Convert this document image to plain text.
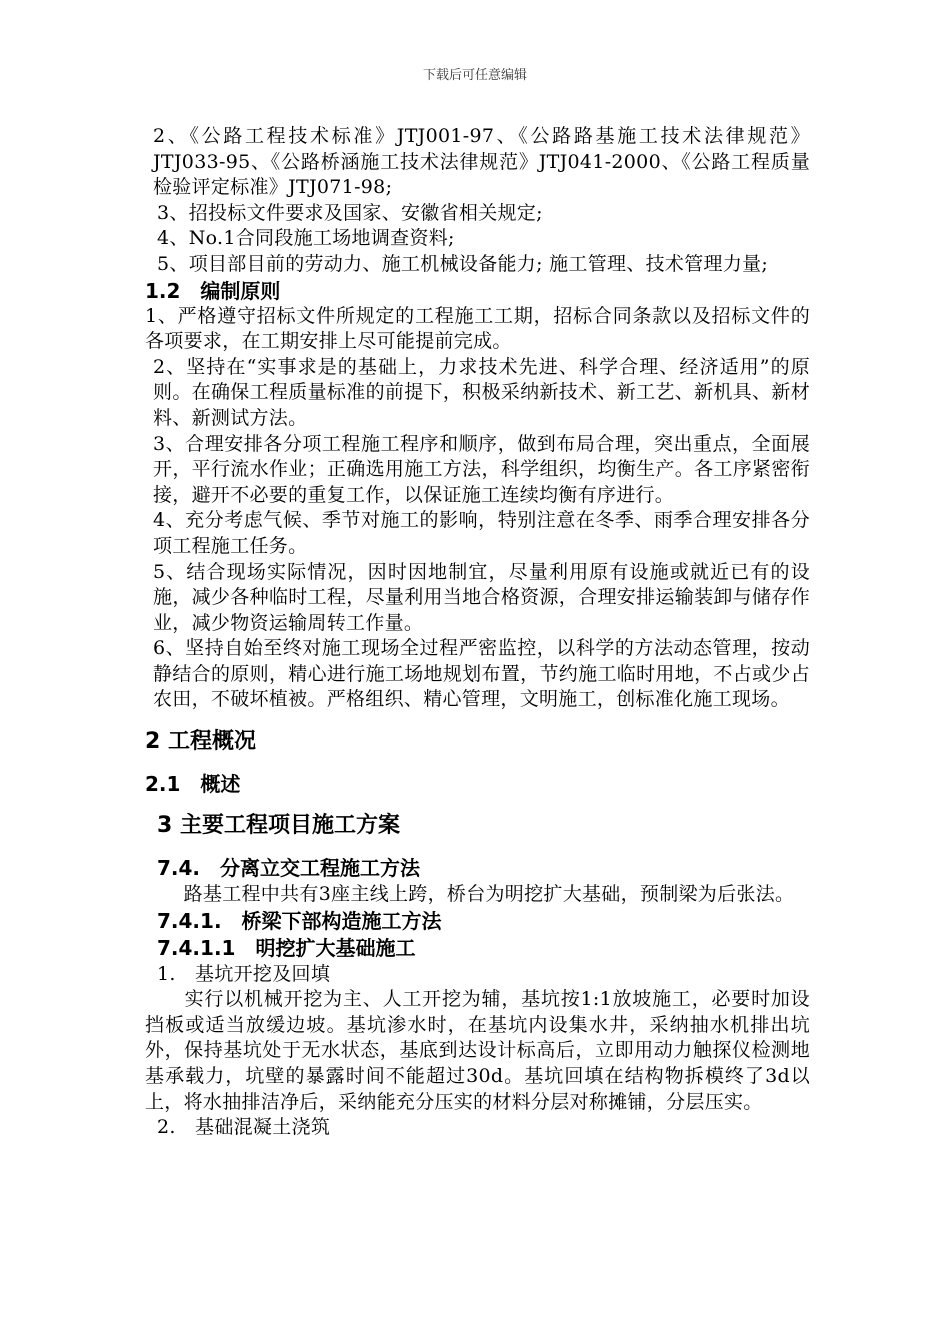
下载后可任意编辑

2、《公路工程技术标准》JTJ001-97、《公路路基施工技术法律规范》JTJ033-95、《公路桥涵施工技术法律规范》JTJ041-2000、《公路工程质量检验评定标准》JTJ071-98;

3、招投标文件要求及国家、安徽省相关规定;

4、No.1合同段施工场地调查资料;

5、项目部目前的劳动力、施工机械设备能力; 施工管理、技术管理力量;

1.2　编制原则

1、严格遵守招标文件所规定的工程施工工期，招标合同条款以及招标文件的各项要求，在工期安排上尽可能提前完成。

2、坚持在“实事求是的基础上，力求技术先进、科学合理、经济适用”的原则。在确保工程质量标准的前提下，积极采纳新技术、新工艺、新机具、新材料、新测试方法。

3、合理安排各分项工程施工程序和顺序，做到布局合理，突出重点，全面展开，平行流水作业；正确选用施工方法，科学组织，均衡生产。各工序紧密衔接，避开不必要的重复工作，以保证施工连续均衡有序进行。

4、充分考虑气候、季节对施工的影响，特别注意在冬季、雨季合理安排各分项工程施工任务。

5、结合现场实际情况，因时因地制宜，尽量利用原有设施或就近已有的设施，减少各种临时工程，尽量利用当地合格资源，合理安排运输装卸与储存作业，减少物资运输周转工作量。

6、坚持自始至终对施工现场全过程严密监控，以科学的方法动态管理，按动静结合的原则，精心进行施工场地规划布置，节约施工临时用地，不占或少占农田，不破坏植被。严格组织、精心管理，文明施工，创标准化施工现场。

2 工程概况

2.1　概述

3 主要工程项目施工方案

7.4.　分离立交工程施工方法

　　路基工程中共有3座主线上跨，桥台为明挖扩大基础，预制梁为后张法。

7.4.1.　桥梁下部构造施工方法

7.4.1.1　明挖扩大基础施工

1.　基坑开挖及回填

　　实行以机械开挖为主、人工开挖为辅，基坑按1:1放坡施工，必要时加设挡板或适当放缓边坡。基坑渗水时，在基坑内设集水井，采纳抽水机排出坑外，保持基坑处于无水状态，基底到达设计标高后，立即用动力触探仪检测地基承载力，坑壁的暴露时间不能超过30d。基坑回填在结构物拆模终了3d以上，将水抽排洁净后，采纳能充分压实的材料分层对称摊铺，分层压实。

2.　基础混凝土浇筑
